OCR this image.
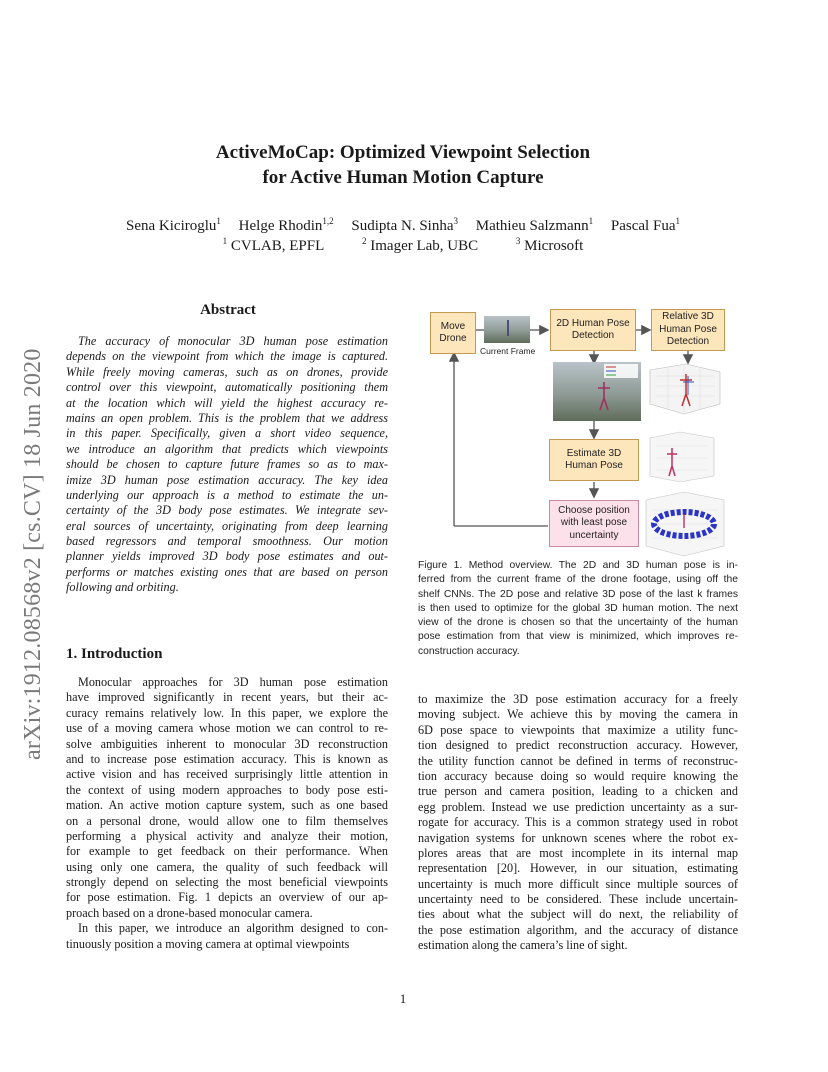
ActiveMoCap: Optimized Viewpoint Selection
for Active Human Motion Capture
Sena Kiciroglu$^1$ Helge Rhodin$^{1,2}$ Sudipta N. Sinha$^3$ Mathieu Salzmann$^1$ Pascal Fua$^1$
$^1$ CVLAB, EPFL	$^2$ Imager Lab, UBC	$^3$ Microsoft
arXiv:1912.08568v2 [cs.CV] 18 Jun 2020
Abstract
The accuracy of monocular 3D human pose estimation
depends on the viewpoint from which the image is captured.
While freely moving cameras, such as on drones, provide
control over this viewpoint, automatically positioning them
at the location which will yield the highest accuracy re-
mains an open problem. This is the problem that we address
in this paper. Specifically, given a short video sequence,
we introduce an algorithm that predicts which viewpoints
should be chosen to capture future frames so as to max-
imize 3D human pose estimation accuracy. The key idea
underlying our approach is a method to estimate the un-
certainty of the 3D body pose estimates. We integrate sev-
eral sources of uncertainty, originating from deep learning
based regressors and temporal smoothness. Our motion
planner yields improved 3D body pose estimates and out-
performs or matches existing ones that are based on person
following and orbiting.
1. Introduction
Monocular approaches for 3D human pose estimation
have improved significantly in recent years, but their ac-
curacy remains relatively low. In this paper, we explore the
use of a moving camera whose motion we can control to re-
solve ambiguities inherent to monocular 3D reconstruction
and to increase pose estimation accuracy. This is known as
active vision and has received surprisingly little attention in
the context of using modern approaches to body pose esti-
mation. An active motion capture system, such as one based
on a personal drone, would allow one to film themselves
performing a physical activity and analyze their motion,
for example to get feedback on their performance. When
using only one camera, the quality of such feedback will
strongly depend on selecting the most beneficial viewpoints
for pose estimation. Fig. 1 depicts an overview of our ap-
proach based on a drone-based monocular camera.
In this paper, we introduce an algorithm designed to con-
tinuously position a moving camera at optimal viewpoints
to maximize the 3D pose estimation accuracy for a freely
moving subject. We achieve this by moving the camera in
6D pose space to viewpoints that maximize a utility func-
tion designed to predict reconstruction accuracy. However,
the utility function cannot be defined in terms of reconstruc-
tion accuracy because doing so would require knowing the
true person and camera position, leading to a chicken and
egg problem. Instead we use prediction uncertainty as a sur-
rogate for accuracy. This is a common strategy used in robot
navigation systems for unknown scenes where the robot ex-
plores areas that are most incomplete in its internal map
representation [20]. However, in our situation, estimating
uncertainty is much more difficult since multiple sources of
uncertainty need to be considered. These include uncertain-
ties about what the subject will do next, the reliability of
the pose estimation algorithm, and the accuracy of distance
estimation along the camera’s line of sight.
Move Drone
Current Frame
2D Human Pose Detection
Relative 3D Human Pose Detection
Estimate 3D Human Pose
Choose position with least pose uncertainty
Figure 1. Method overview. The 2D and 3D human pose is in-
ferred from the current frame of the drone footage, using off the
shelf CNNs. The 2D pose and relative 3D pose of the last k frames
is then used to optimize for the global 3D human motion. The next
view of the drone is chosen so that the uncertainty of the human
pose estimation from that view is minimized, which improves re-
construction accuracy.
1
